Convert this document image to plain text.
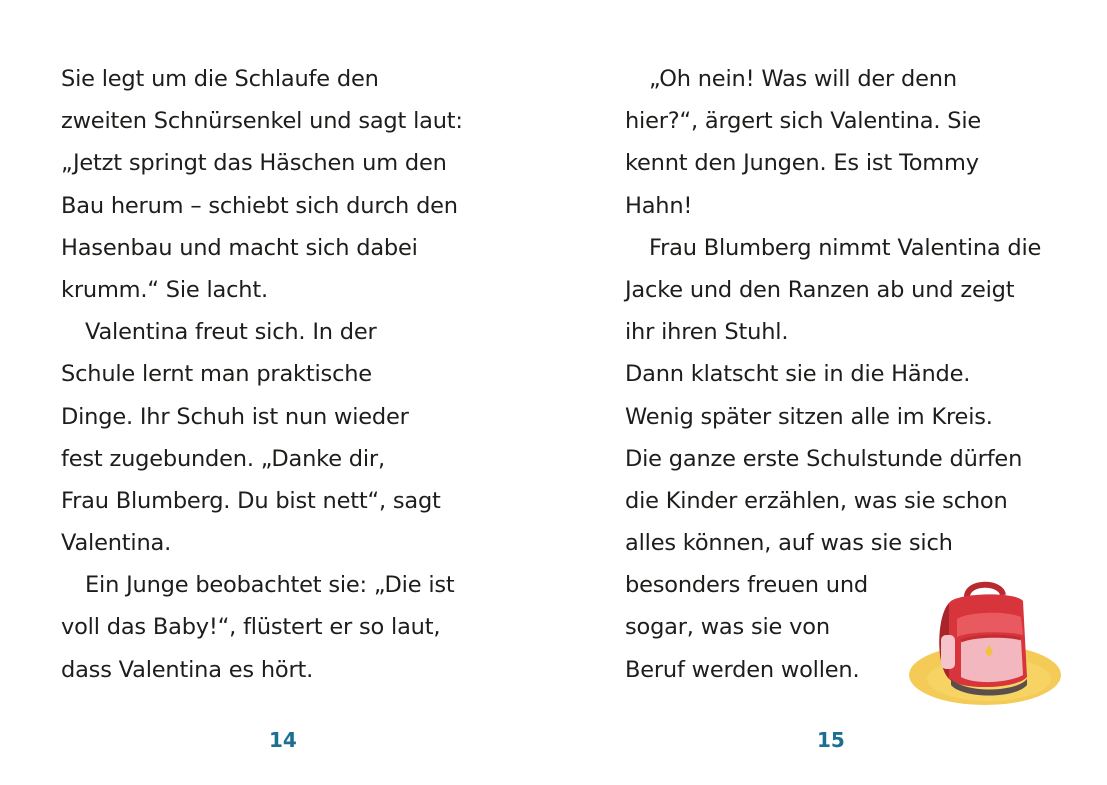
Sie legt um die Schlaufe den
zweiten Schnürsenkel und sagt laut:
„Jetzt springt das Häschen um den
Bau herum – schiebt sich durch den
Hasenbau und macht sich dabei
krumm.“ Sie lacht.
Valentina freut sich. In der
Schule lernt man praktische
Dinge. Ihr Schuh ist nun wieder
fest zugebunden. „Danke dir,
Frau Blumberg. Du bist nett“, sagt
Valentina.
Ein Junge beobachtet sie: „Die ist
voll das Baby!“, flüstert er so laut,
dass Valentina es hört.
14
„Oh nein! Was will der denn
hier?“, ärgert sich Valentina. Sie
kennt den Jungen. Es ist Tommy
Hahn!
Frau Blumberg nimmt Valentina die
Jacke und den Ranzen ab und zeigt
ihr ihren Stuhl.
Dann klatscht sie in die Hände.
Wenig später sitzen alle im Kreis.
Die ganze erste Schulstunde dürfen
die Kinder erzählen, was sie schon
alles können, auf was sie sich
besonders freuen und
sogar, was sie von
Beruf werden wollen.
15
